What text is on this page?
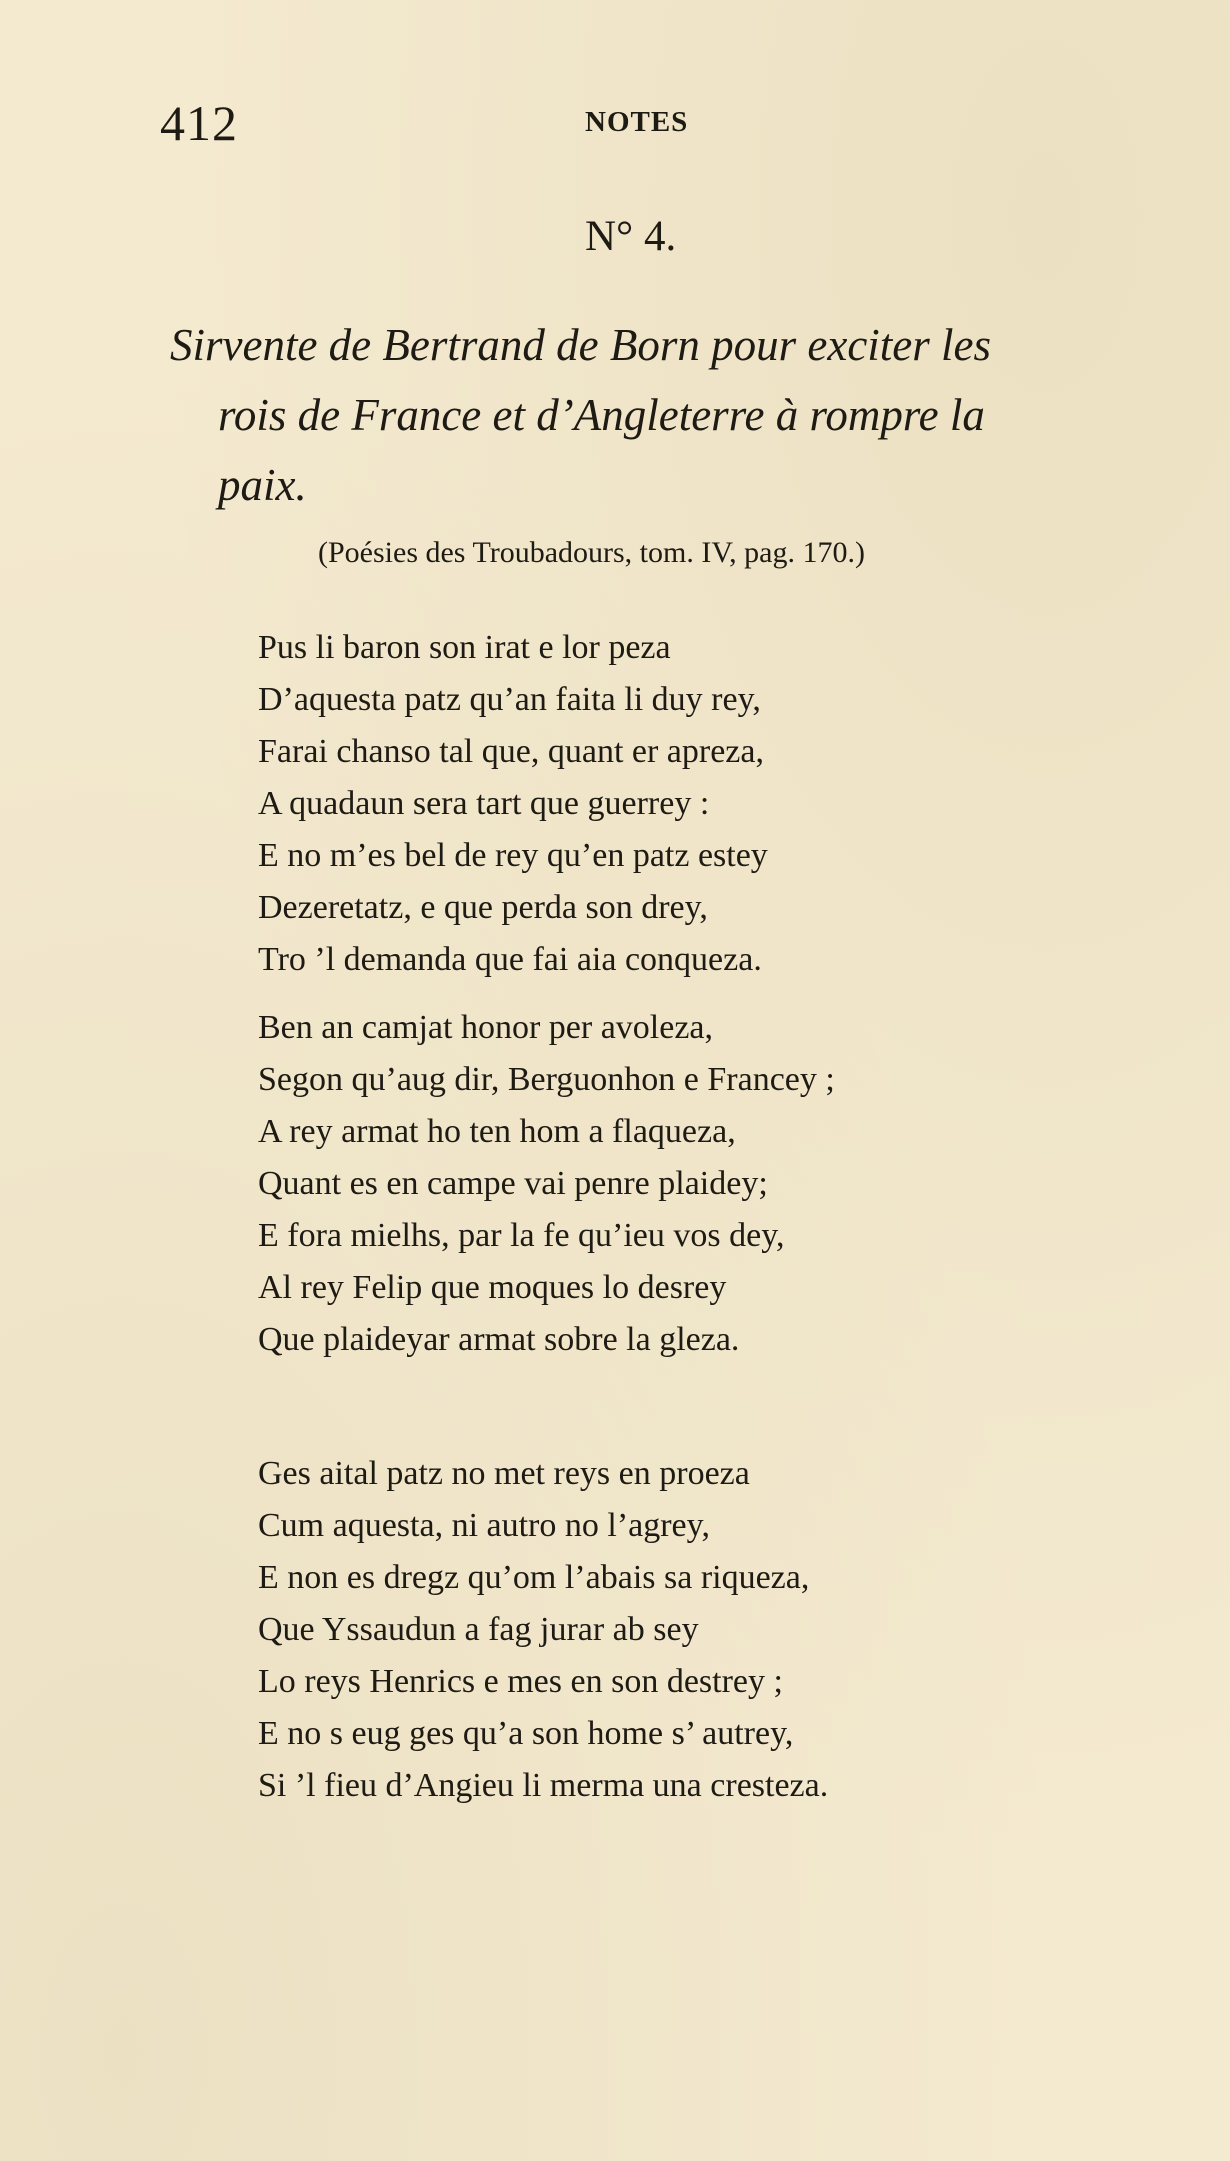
412	NOTES
N° 4.
Sirvente de Bertrand de Born pour exciter les
rois de France et d’Angleterre à rompre la
paix.
(Poésies des Troubadours, tom. IV, pag. 170.)
Pus li baron son irat e lor peza
D’aquesta patz qu’an faita li duy rey,
Farai chanso tal que, quant er apreza,
A quadaun sera tart que guerrey :
E no m’es bel de rey qu’en patz estey
Dezeretatz, e que perda son drey,
Tro ’l demanda que fai aia conqueza.
Ben an camjat honor per avoleza,
Segon qu’aug dir, Berguonhon e Francey ;
A rey armat ho ten hom a flaqueza,
Quant es en campe vai penre plaidey;
E fora mielhs, par la fe qu’ieu vos dey,
Al rey Felip que moques lo desrey
Que plaideyar armat sobre la gleza.
Ges aital patz no met reys en proeza
Cum aquesta, ni autro no l’agrey,
E non es dregz qu’om l’abais sa riqueza,
Que Yssaudun a fag jurar ab sey
Lo reys Henrics e mes en son destrey ;
E no s eug ges qu’a son home s’ autrey,
Si ’l fieu d’Angieu li merma una cresteza.
